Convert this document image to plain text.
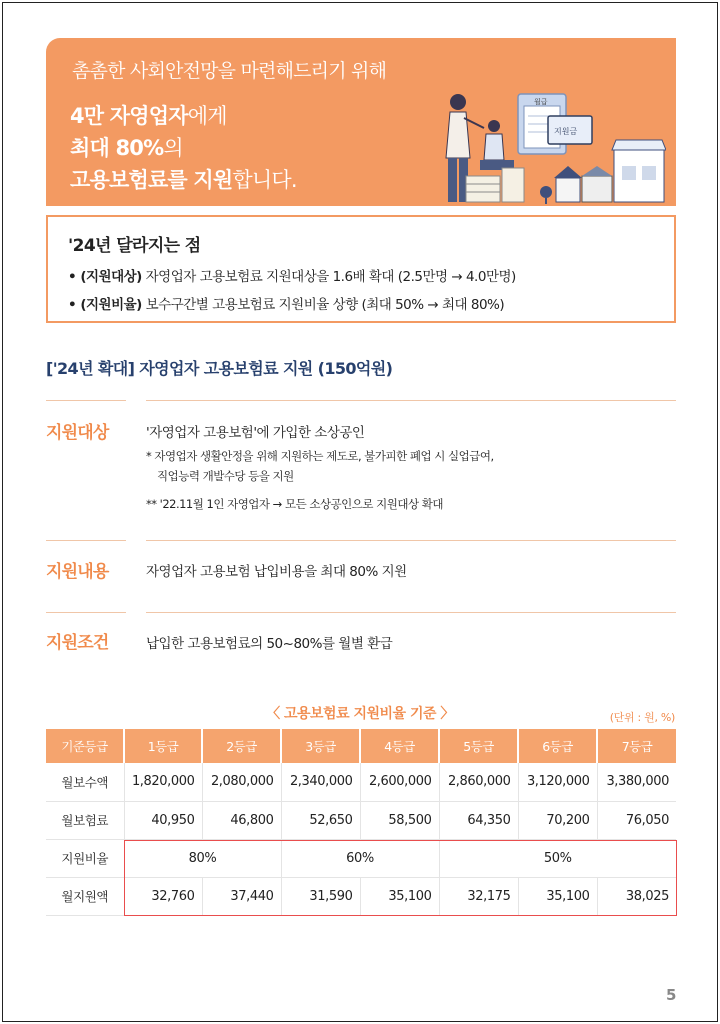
촘촘한 사회안전망을 마련해드리기 위해
4만 자영업자에게
최대 80%의
고용보험료를 지원합니다.
월급
지원금
'24년 달라지는 점
• (지원대상) 자영업자 고용보험료 지원대상을 1.6배 확대 (2.5만명 → 4.0만명)
• (지원비율) 보수구간별 고용보험료 지원비율 상향 (최대 50% → 최대 80%)
['24년 확대] 자영업자 고용보험료 지원 (150억원)
지원대상	'자영업자 고용보험'에 가입한 소상공인
* 자영업자 생활안정을 위해 지원하는 제도로, 불가피한 폐업 시 실업급여,
직업능력 개발수당 등을 지원
** '22.11월 1인 자영업자 → 모든 소상공인으로 지원대상 확대
지원내용	자영업자 고용보험 납입비용을 최대 80% 지원
지원조건	납입한 고용보험료의 50~80%를 월별 환급
〈 고용보험료 지원비율 기준 〉	(단위 : 원, %)
기준등급	1등급	2등급	3등급	4등급	5등급	6등급	7등급
월보수액	1,820,000	2,080,000	2,340,000	2,600,000	2,860,000	3,120,000	3,380,000
월보험료	40,950	46,800	52,650	58,500	64,350	70,200	76,050
지원비율	80%		60%		50%		
월지원액	32,760	37,440	31,590	35,100	32,175	35,100	38,025
5
